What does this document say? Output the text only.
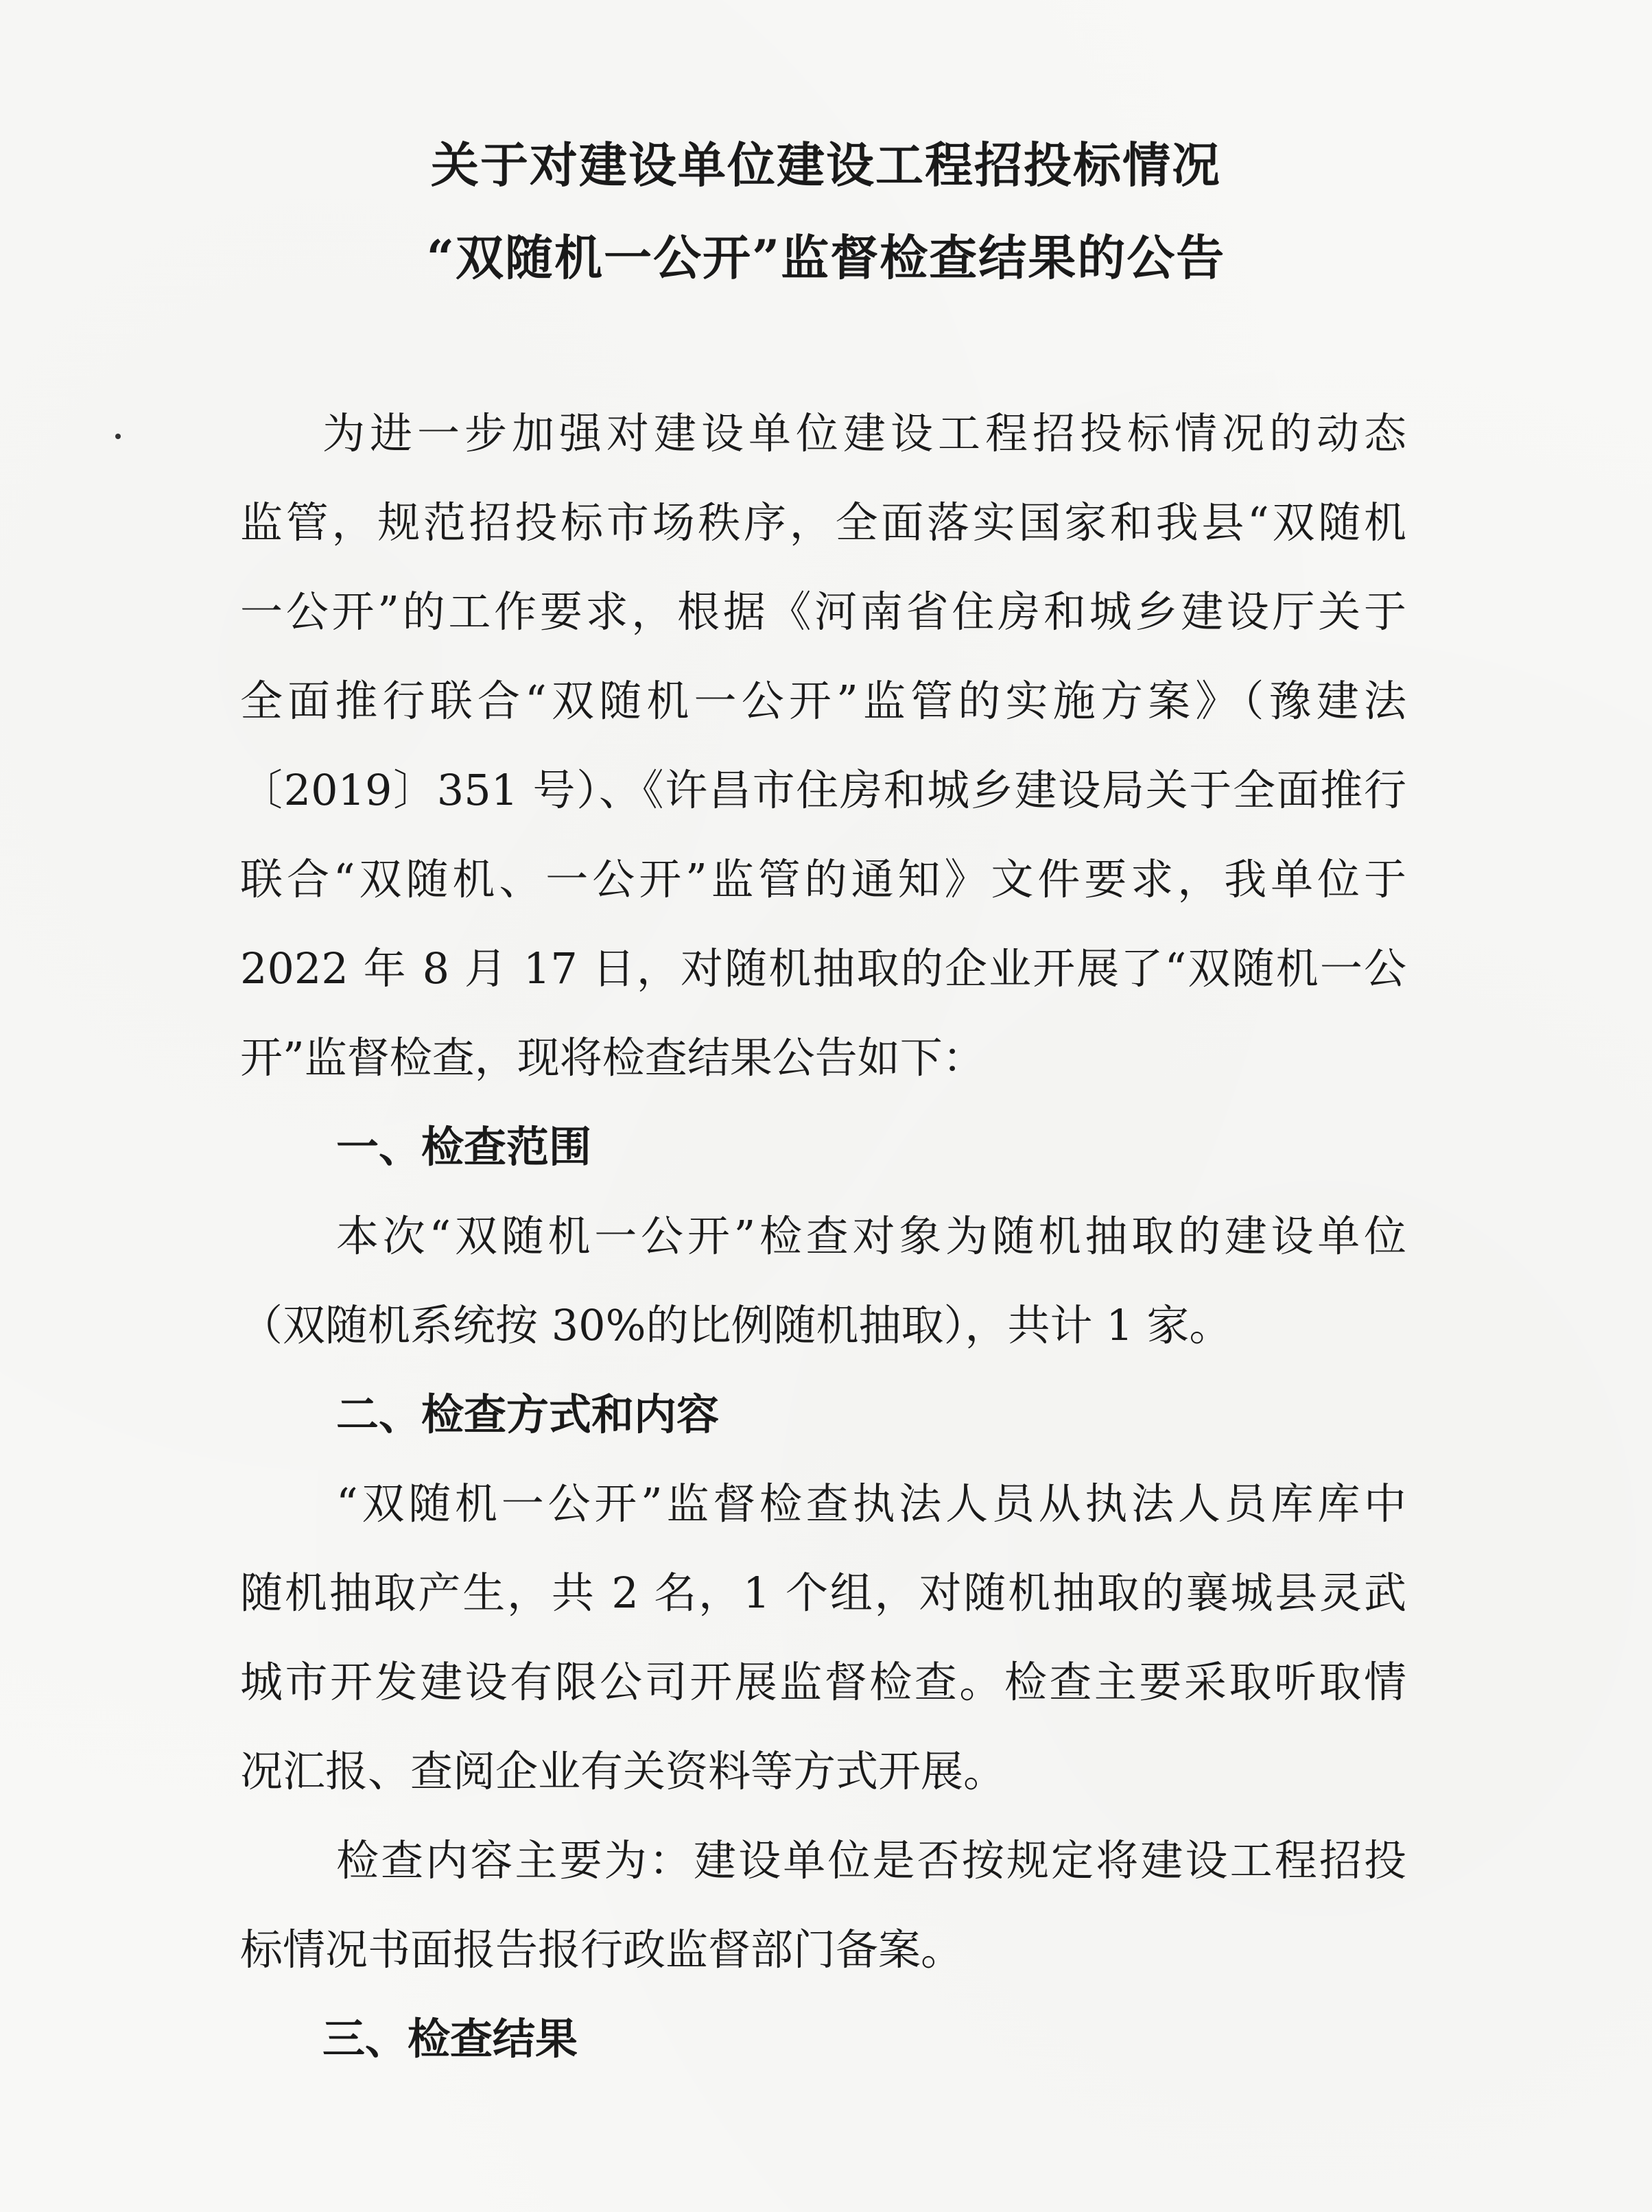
关于对建设单位建设工程招投标情况
“双随机一公开”监督检查结果的公告
为进一步加强对建设单位建设工程招投标情况的动态
监管，规范招投标市场秩序，全面落实国家和我县“双随机
一公开”的工作要求，根据《河南省住房和城乡建设厅关于
全面推行联合“双随机一公开”监管的实施方案》（豫建法
〔2019〕351 号）、《许昌市住房和城乡建设局关于全面推行
联合“双随机、一公开”监管的通知》文件要求，我单位于
2022 年 8 月 17 日，对随机抽取的企业开展了“双随机一公
开”监督检查，现将检查结果公告如下：
一、检查范围
本次“双随机一公开”检查对象为随机抽取的建设单位
（双随机系统按 30%的比例随机抽取），共计 1 家。
二、检查方式和内容
“双随机一公开”监督检查执法人员从执法人员库库中
随机抽取产生，共 2 名，1 个组，对随机抽取的襄城县灵武
城市开发建设有限公司开展监督检查。检查主要采取听取情
况汇报、查阅企业有关资料等方式开展。
检查内容主要为：建设单位是否按规定将建设工程招投
标情况书面报告报行政监督部门备案。
三、检查结果
